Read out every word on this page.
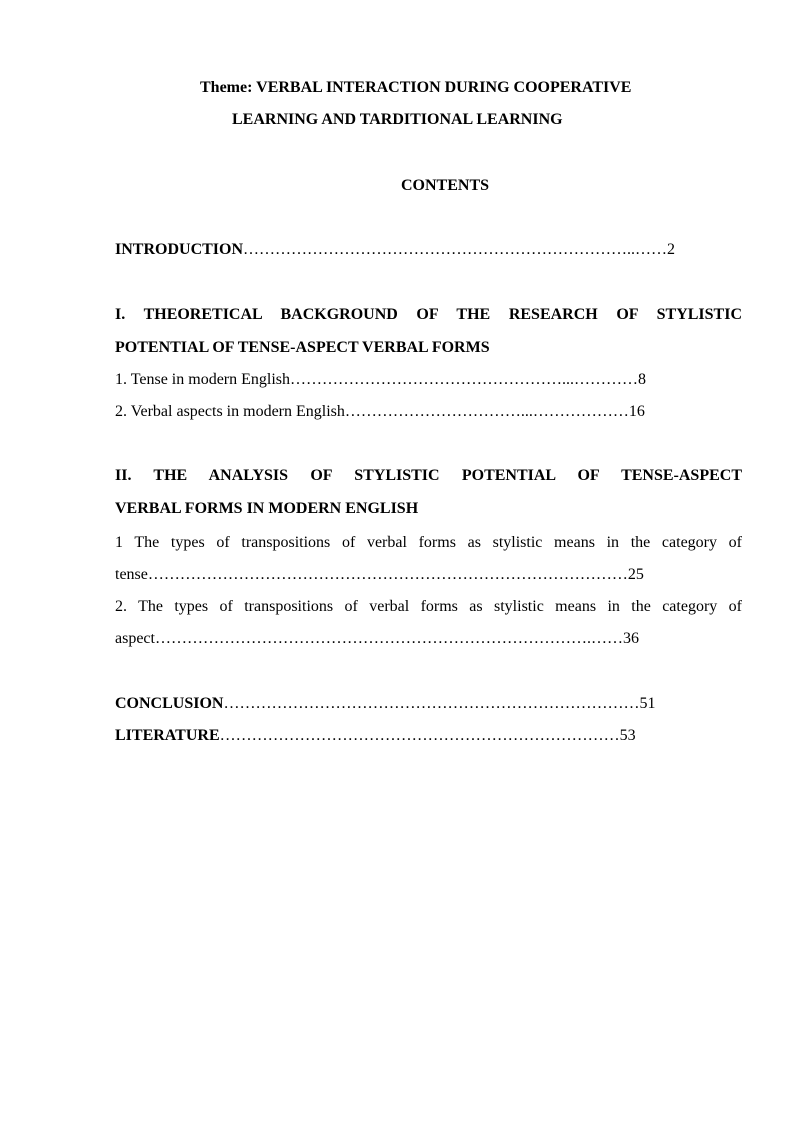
Theme: VERBAL INTERACTION DURING COOPERATIVE
LEARNING AND TARDITIONAL LEARNING
CONTENTS
INTRODUCTION………………………………………………………………..……2
I. THEORETICAL BACKGROUND OF THE RESEARCH OF STYLISTIC
POTENTIAL OF TENSE-ASPECT VERBAL FORMS
1. Tense in modern English……………………………………………...…………8
2. Verbal aspects in modern English……………………………...………………16
II. THE ANALYSIS OF STYLISTIC POTENTIAL OF TENSE-ASPECT
VERBAL FORMS IN MODERN ENGLISH
1 The types of transpositions of verbal forms as stylistic means in the category of
tense………………………………………………………………………………25
2. The types of transpositions of verbal forms as stylistic means in the category of
aspect……………………………………………………………………….……36
CONCLUSION……………………………………………………………………51
LITERATURE…………………………………………………………………53
